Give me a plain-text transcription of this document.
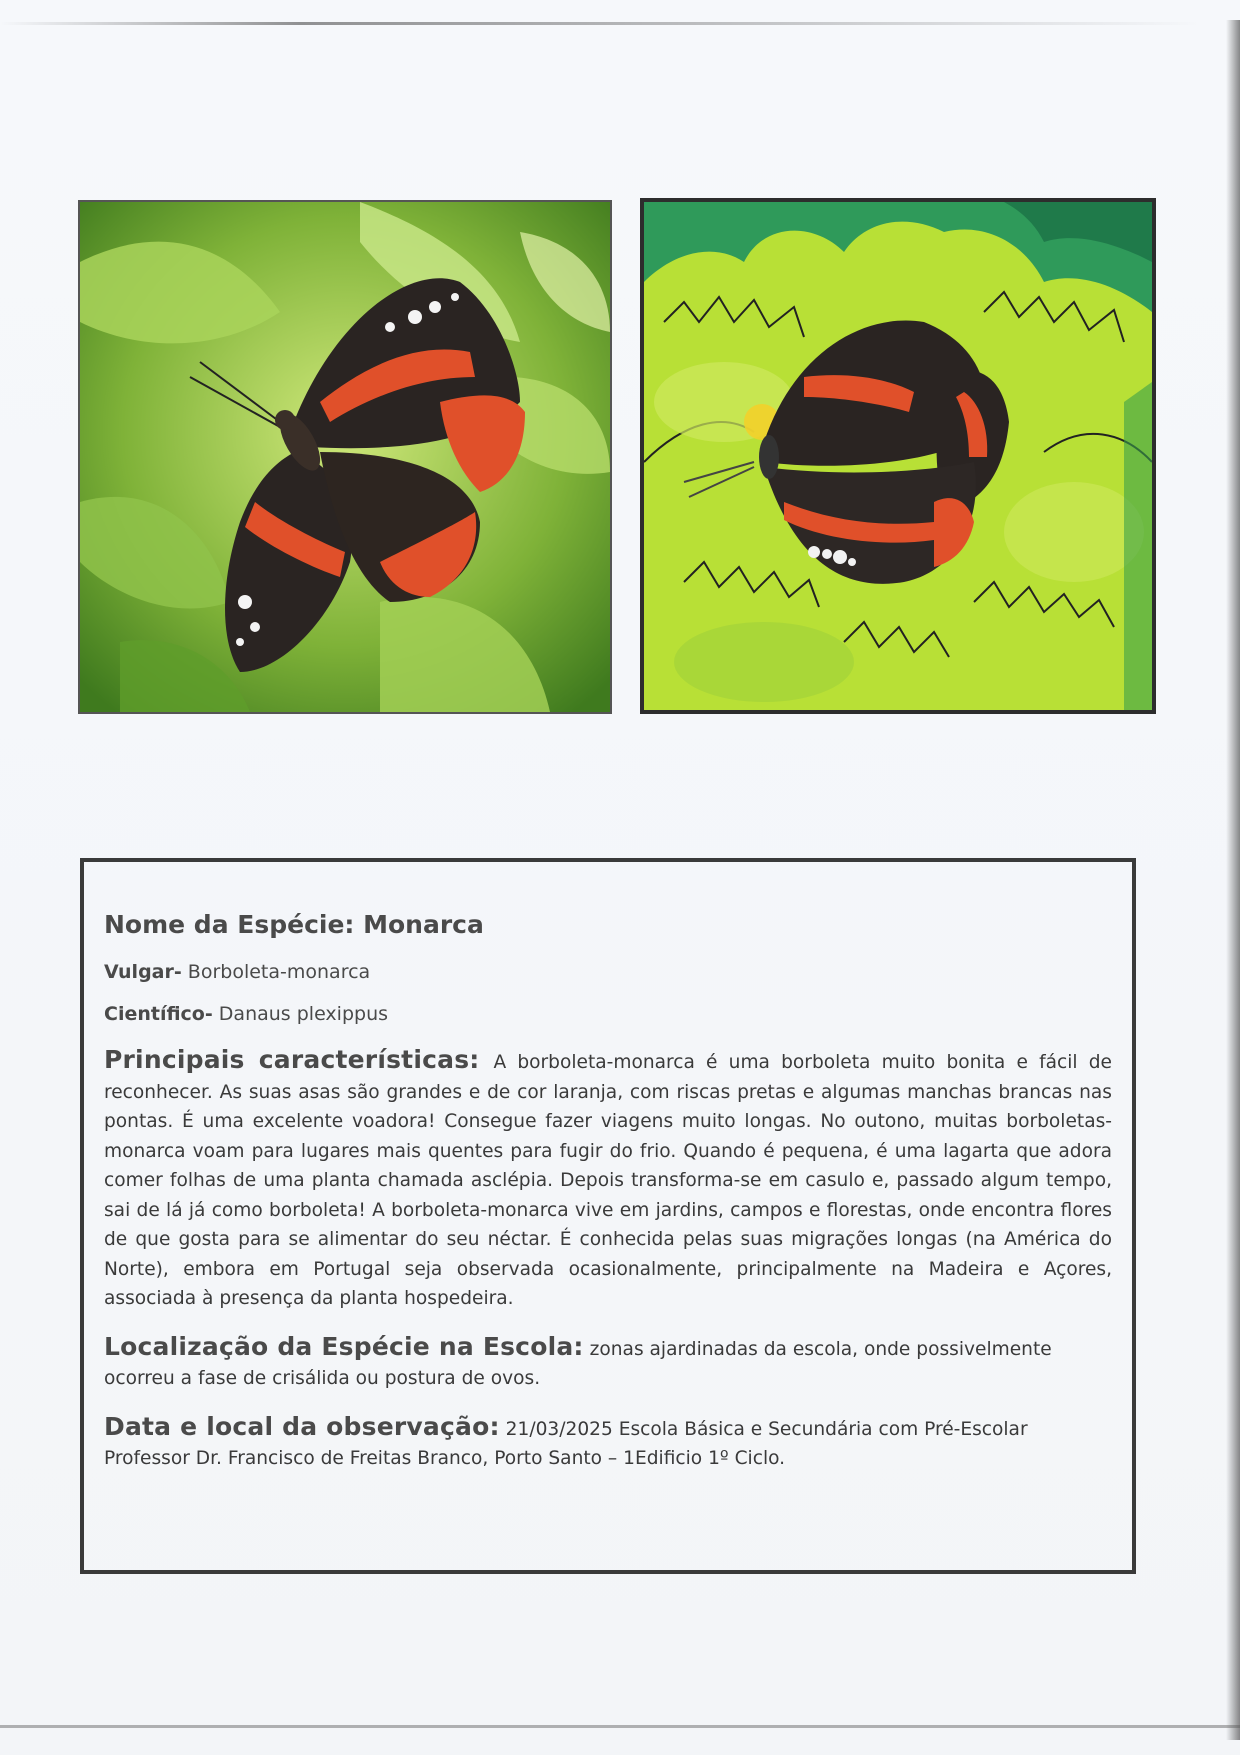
Nome da Espécie: Monarca
Vulgar- Borboleta-monarca
Científico- Danaus plexippus

Principais características: A borboleta-monarca é uma borboleta muito bonita e fácil de reconhecer. As suas asas são grandes e de cor laranja, com riscas pretas e algumas manchas brancas nas pontas. É uma excelente voadora! Consegue fazer viagens muito longas. No outono, muitas borboletas-monarca voam para lugares mais quentes para fugir do frio. Quando é pequena, é uma lagarta que adora comer folhas de uma planta chamada asclépia. Depois transforma-se em casulo e, passado algum tempo, sai de lá já como borboleta! A borboleta-monarca vive em jardins, campos e florestas, onde encontra flores de que gosta para se alimentar do seu néctar. É conhecida pelas suas migrações longas (na América do Norte), embora em Portugal seja observada ocasionalmente, principalmente na Madeira e Açores, associada à presença da planta hospedeira.

Localização da Espécie na Escola: zonas ajardinadas da escola, onde possivelmente ocorreu a fase de crisálida ou postura de ovos.

Data e local da observação: 21/03/2025 Escola Básica e Secundária com Pré-Escolar Professor Dr. Francisco de Freitas Branco, Porto Santo – 1Edificio 1º Ciclo.
